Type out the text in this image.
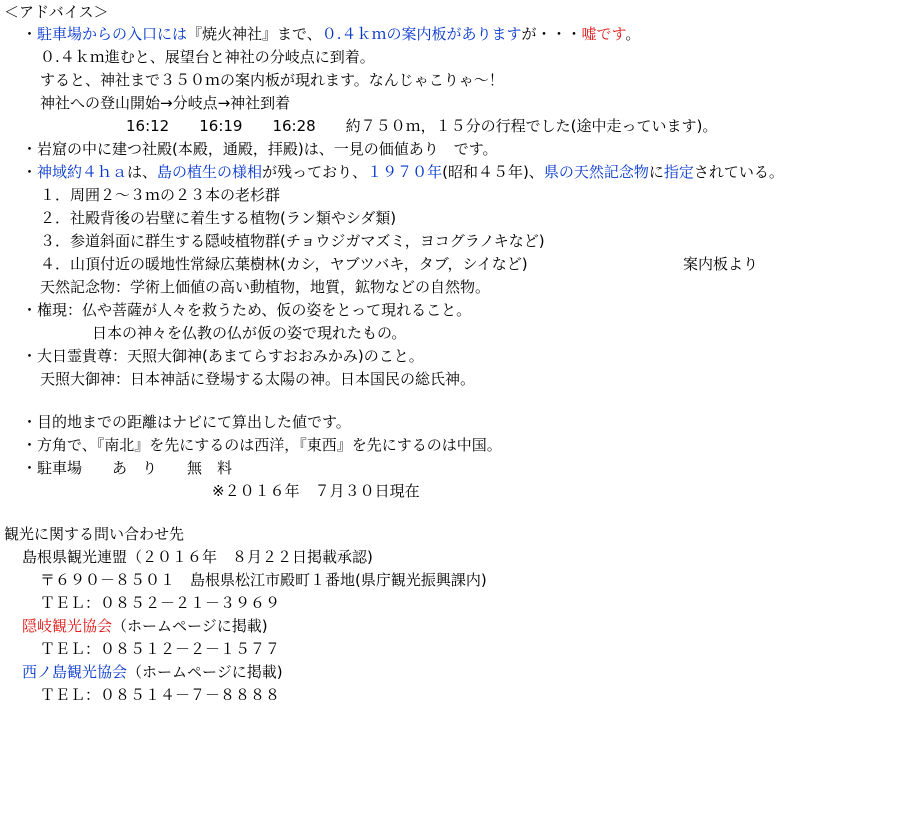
＜アドバイス＞
・駐車場からの入口には『焼火神社』まで、０.４ｋｍの案内板がありますが・・・嘘です。
０.４ｋｍ進むと、展望台と神社の分岐点に到着。
すると、神社まで３５０ｍの案内板が現れます。なんじゃこりゃ～！
神社への登山開始→分岐点→神社到着
16:12　　16:19　　16:28　　約７５０ｍ，１５分の行程でした(途中走っています)。
・岩窟の中に建つ社殿(本殿，通殿，拝殿)は、一見の価値あり　です。
・神域約４ｈａは、島の植生の様相が残っており、１９７０年(昭和４５年)、県の天然記念物に指定されている。
１．周囲２～３ｍの２３本の老杉群
２．社殿背後の岩壁に着生する植物(ラン類やシダ類)
３．参道斜面に群生する隠岐植物群(チョウジガマズミ，ヨコグラノキなど)
４．山頂付近の暖地性常緑広葉樹林(カシ，ヤブツバキ，タブ，シイなど)	案内板より
天然記念物：学術上価値の高い動植物，地質，鉱物などの自然物。
・権現：仏や菩薩が人々を救うため、仮の姿をとって現れること。
日本の神々を仏教の仏が仮の姿で現れたもの。
・大日霊貴尊：天照大御神(あまてらすおおみかみ)のこと。
天照大御神：日本神話に登場する太陽の神。日本国民の総氏神。
・目的地までの距離はナビにて算出した値です。
・方角で、『南北』を先にするのは西洋，『東西』を先にするのは中国。
・駐車場　　あ　り　　無　料
※２０１６年　７月３０日現在
観光に関する問い合わせ先
島根県観光連盟（２０１６年　８月２２日掲載承認)
〒６９０－８５０１　島根県松江市殿町１番地(県庁観光振興課内)
ＴＥＬ：０８５２－２１－３９６９
隠岐観光協会（ホームページに掲載)
ＴＥＬ：０８５１２－２－１５７７
西ノ島観光協会（ホームページに掲載)
ＴＥＬ：０８５１４－７－８８８８
